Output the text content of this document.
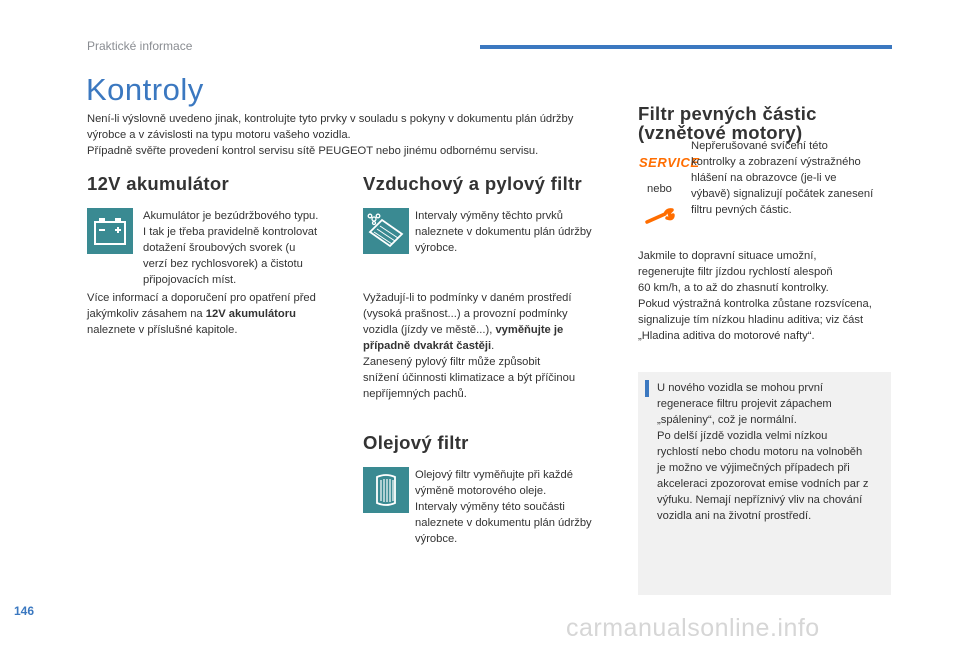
Praktické informace
Kontroly
Není-li výslovně uvedeno jinak, kontrolujte tyto prvky v souladu s pokyny v dokumentu plán údržby
výrobce a v závislosti na typu motoru vašeho vozidla.
Případně svěřte provedení kontrol servisu sítě PEUGEOT nebo jinému odbornému servisu.
12V akumulátor
Akumulátor je bezúdržbového typu.
I tak je třeba pravidelně kontrolovat
dotažení šroubových svorek (u
verzí bez rychlosvorek) a čistotu
připojovacích míst.
Více informací a doporučení pro opatření před
jakýmkoliv zásahem na 12V akumulátoru
naleznete v příslušné kapitole.
Vzduchový a pylový filtr
Intervaly výměny těchto prvků
naleznete v dokumentu plán údržby
výrobce.
Vyžadují-li to podmínky v daném prostředí
(vysoká prašnost...) a provozní podmínky
vozidla (jízdy ve městě...), vyměňujte je
případně dvakrát častěji.
Zanesený pylový filtr může způsobit
snížení účinnosti klimatizace a být příčinou
nepříjemných pachů.
Olejový filtr
Olejový filtr vyměňujte při každé
výměně motorového oleje.
Intervaly výměny této součásti
naleznete v dokumentu plán údržby
výrobce.
Filtr pevných částic
(vznětové motory)
SERVICE
nebo
Nepřerušované svícení této
kontrolky a zobrazení výstražného
hlášení na obrazovce (je-li ve
výbavě) signalizují počátek zanesení
filtru pevných částic.
Jakmile to dopravní situace umožní,
regenerujte filtr jízdou rychlostí alespoň
60 km/h, a to až do zhasnutí kontrolky.
Pokud výstražná kontrolka zůstane rozsvícena,
signalizuje tím nízkou hladinu aditiva; viz část
„Hladina aditiva do motorové nafty“.
U nového vozidla se mohou první
regenerace filtru projevit zápachem
„spáleniny“, což je normální.
Po delší jízdě vozidla velmi nízkou
rychlostí nebo chodu motoru na volnoběh
je možno ve výjimečných případech při
akceleraci zpozorovat emise vodních par z
výfuku. Nemají nepříznivý vliv na chování
vozidla ani na životní prostředí.
146
carmanualsonline.info
